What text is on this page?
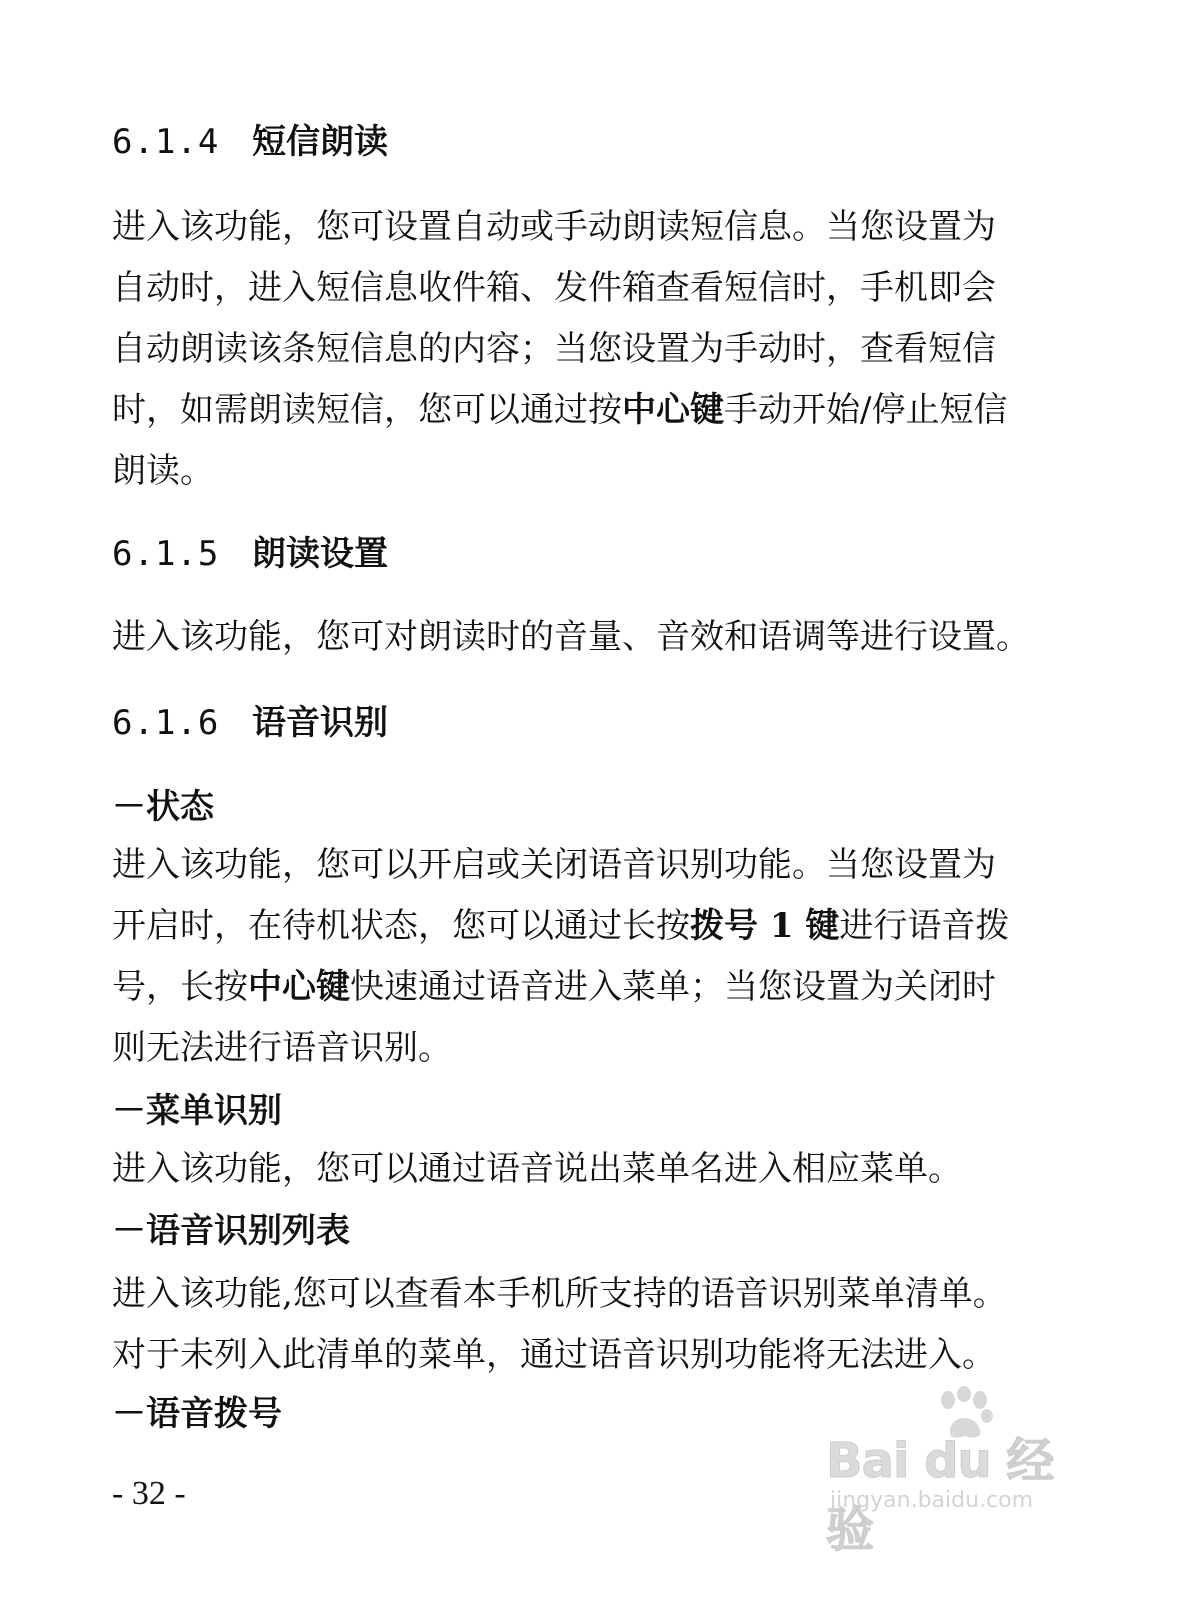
6.1.4 短信朗读
进入该功能，您可设置自动或手动朗读短信息。当您设置为
自动时，进入短信息收件箱、发件箱查看短信时，手机即会
自动朗读该条短信息的内容；当您设置为手动时，查看短信
时，如需朗读短信，您可以通过按中心键手动开始/停止短信
朗读。
6.1.5 朗读设置
进入该功能，您可对朗读时的音量、音效和语调等进行设置。
6.1.6 语音识别
－状态
进入该功能，您可以开启或关闭语音识别功能。当您设置为
开启时，在待机状态，您可以通过长按拨号 1 键进行语音拨
号，长按中心键快速通过语音进入菜单；当您设置为关闭时
则无法进行语音识别。
－菜单识别
进入该功能，您可以通过语音说出菜单名进入相应菜单。
－语音识别列表
进入该功能,您可以查看本手机所支持的语音识别菜单清单。
对于未列入此清单的菜单，通过语音识别功能将无法进入。
－语音拨号
- 32 -
Bai du 经验
jingyan.baidu.com
